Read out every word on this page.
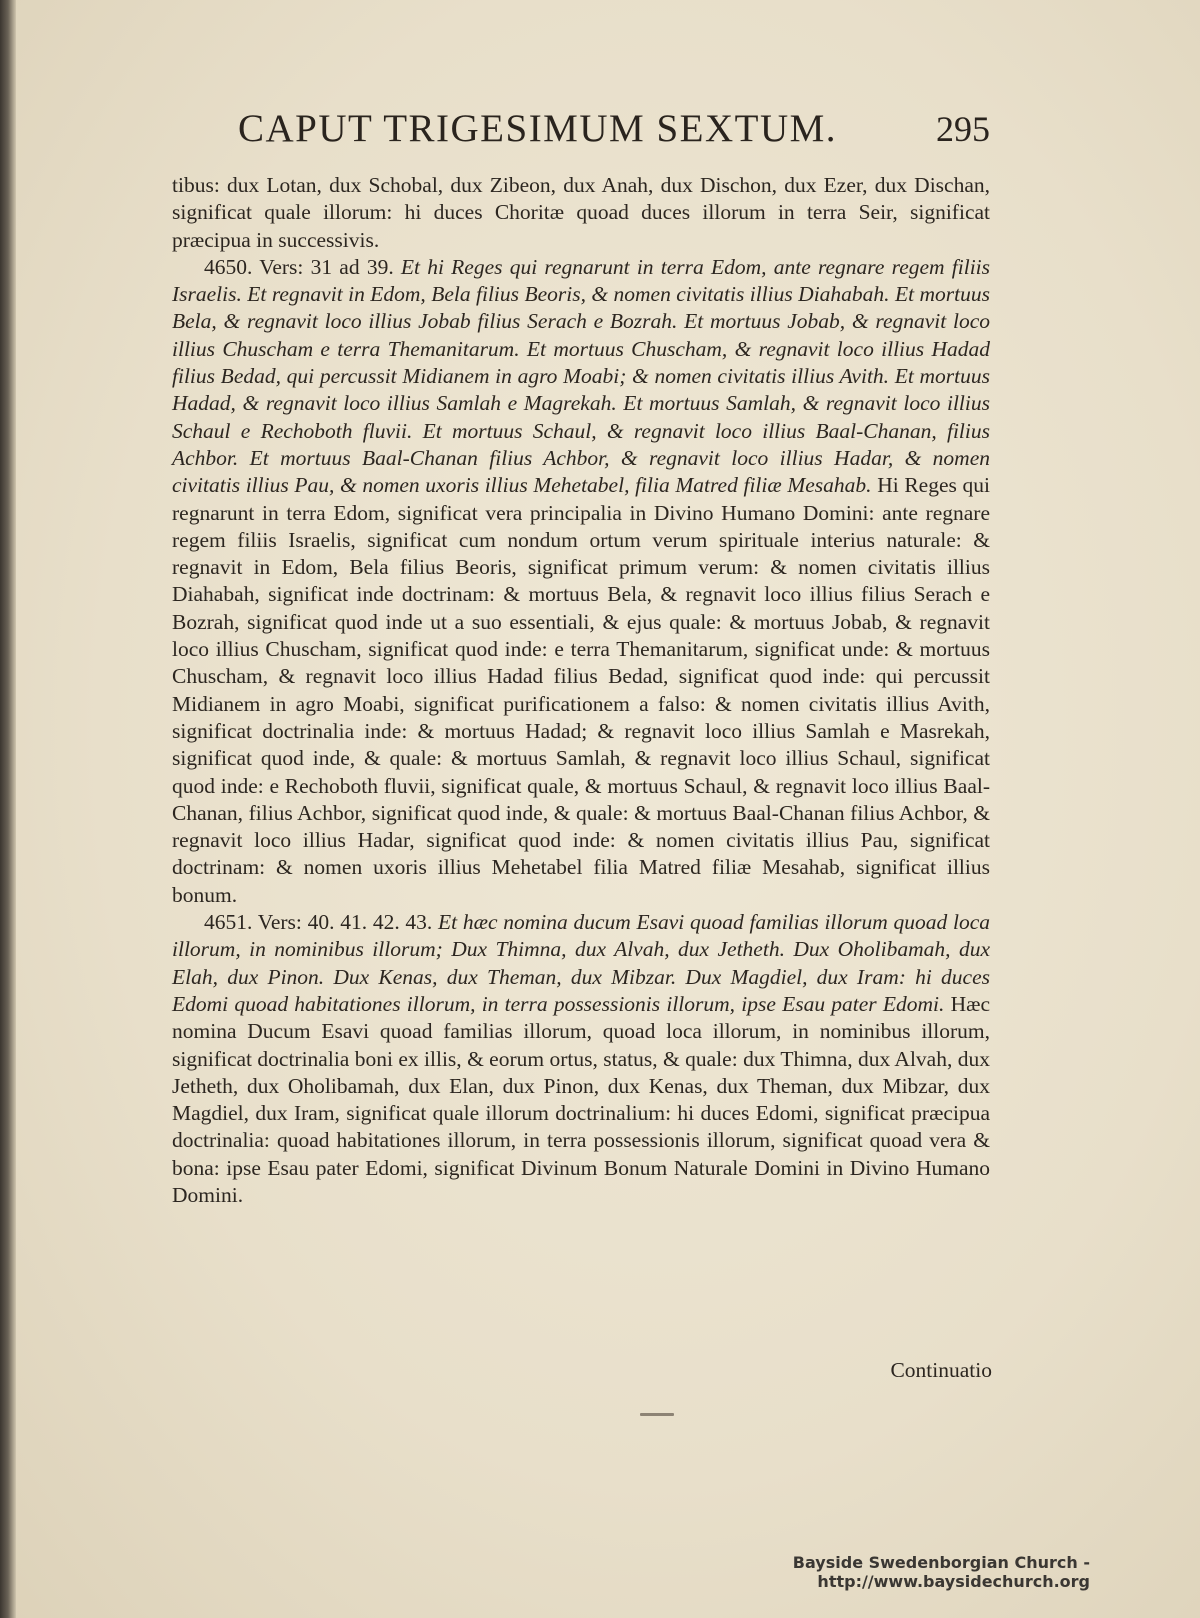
CAPUT TRIGESIMUM SEXTUM.	295

tibus: dux Lotan, dux Schobal, dux Zibeon, dux Anah, dux Dischon, dux Ezer, dux Dischan, significat quale illorum: hi duces Choritæ quoad duces illorum in terra Seir, significat præcipua in successivis.

4650. Vers: 31 ad 39. Et hi Reges qui regnarunt in terra Edom, ante regnare regem filiis Israelis. Et regnavit in Edom, Bela filius Beoris, & nomen civitatis illius Diahabah. Et mortuus Bela, & regnavit loco illius Jobab filius Serach e Bozrah. Et mortuus Jobab, & regnavit loco illius Chuscham e terra Themanitarum. Et mortuus Chuscham, & regnavit loco illius Hadad filius Bedad, qui percussit Midianem in agro Moabi; & nomen civitatis illius Avith. Et mortuus Hadad, & regnavit loco illius Samlah e Magrekah. Et mortuus Samlah, & regnavit loco illius Schaul e Rechoboth fluvii. Et mortuus Schaul, & regnavit loco illius Baal-Chanan, filius Achbor. Et mortuus Baal-Chanan filius Achbor, & regnavit loco illius Hadar, & nomen civitatis illius Pau, & nomen uxoris illius Mehetabel, filia Matred filiæ Mesahab. Hi Reges qui regnarunt in terra Edom, significat vera principalia in Divino Humano Domini: ante regnare regem filiis Israelis, significat cum nondum ortum verum spirituale interius naturale: & regnavit in Edom, Bela filius Beoris, significat primum verum: & nomen civitatis illius Diahabah, significat inde doctrinam: & mortuus Bela, & regnavit loco illius filius Serach e Bozrah, significat quod inde ut a suo essentiali, & ejus quale: & mortuus Jobab, & regnavit loco illius Chuscham, significat quod inde: e terra Themanitarum, significat unde: & mortuus Chuscham, & regnavit loco illius Hadad filius Bedad, significat quod inde: qui percussit Midianem in agro Moabi, significat purificationem a falso: & nomen civitatis illius Avith, significat doctrinalia inde: & mortuus Hadad; & regnavit loco illius Samlah e Masrekah, significat quod inde, & quale: & mortuus Samlah, & regnavit loco illius Schaul, significat quod inde: e Rechoboth fluvii, significat quale, & mortuus Schaul, & regnavit loco illius Baal-Chanan, filius Achbor, significat quod inde, & quale: & mortuus Baal-Chanan filius Achbor, & regnavit loco illius Hadar, significat quod inde: & nomen civitatis illius Pau, significat doctrinam: & nomen uxoris illius Mehetabel filia Matred filiæ Mesahab, significat illius bonum.

4651. Vers: 40. 41. 42. 43. Et hæc nomina ducum Esavi quoad familias illorum quoad loca illorum, in nominibus illorum; Dux Thimna, dux Alvah, dux Jetheth. Dux Oholibamah, dux Elah, dux Pinon. Dux Kenas, dux Theman, dux Mibzar. Dux Magdiel, dux Iram: hi duces Edomi quoad habitationes illorum, in terra possessionis illorum, ipse Esau pater Edomi. Hæc nomina Ducum Esavi quoad familias illorum, quoad loca illorum, in nominibus illorum, significat doctrinalia boni ex illis, & eorum ortus, status, & quale: dux Thimna, dux Alvah, dux Jetheth, dux Oholibamah, dux Elan, dux Pinon, dux Kenas, dux Theman, dux Mibzar, dux Magdiel, dux Iram, significat quale illorum doctrinalium: hi duces Edomi, significat præcipua doctrinalia: quoad habitationes illorum, in terra possessionis illorum, significat quoad vera & bona: ipse Esau pater Edomi, significat Divinum Bonum Naturale Domini in Divino Humano Domini.

Continuatio
Bayside Swedenborgian Church - http://www.baysidechurch.org
